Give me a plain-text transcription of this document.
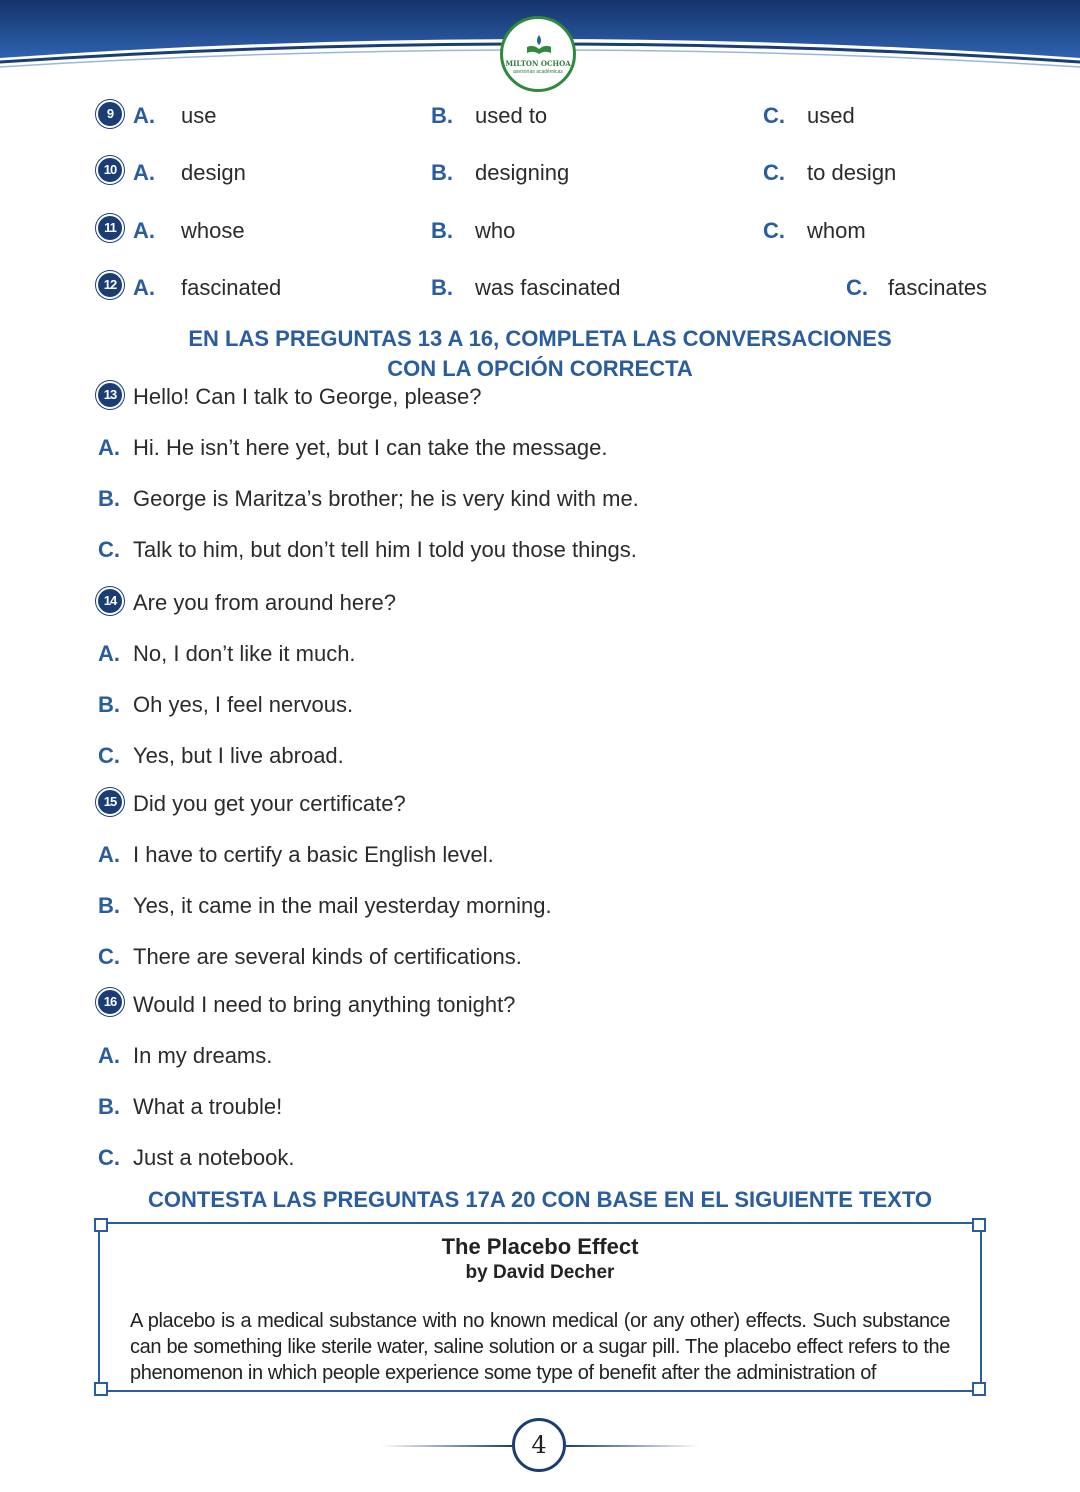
MILTON OCHOA
asesorías académicas
9 A. use	B. used to	C. used
10 A. design	B. designing	C. to design
11 A. whose	B. who	C. whom
12 A. fascinated	B. was fascinated	C. fascinates
EN LAS PREGUNTAS 13 A 16, COMPLETA LAS CONVERSACIONES
CON LA OPCIÓN CORRECTA
13 Hello! Can I talk to George, please?
A. Hi. He isn’t here yet, but I can take the message.
B. George is Maritza’s brother; he is very kind with me.
C. Talk to him, but don’t tell him I told you those things.
14 Are you from around here?
A. No, I don’t like it much.
B. Oh yes, I feel nervous.
C. Yes, but I live abroad.
15 Did you get your certificate?
A. I have to certify a basic English level.
B. Yes, it came in the mail yesterday morning.
C. There are several kinds of certifications.
16 Would I need to bring anything tonight?
A. In my dreams.
B. What a trouble!
C. Just a notebook.
CONTESTA LAS PREGUNTAS 17A 20 CON BASE EN EL SIGUIENTE TEXTO
The Placebo Effect
by David Decher
A placebo is a medical substance with no known medical (or any other) effects. Such substance can be something like sterile water, saline solution or a sugar pill. The placebo effect refers to the phenomenon in which people experience some type of benefit after the administration of
4
